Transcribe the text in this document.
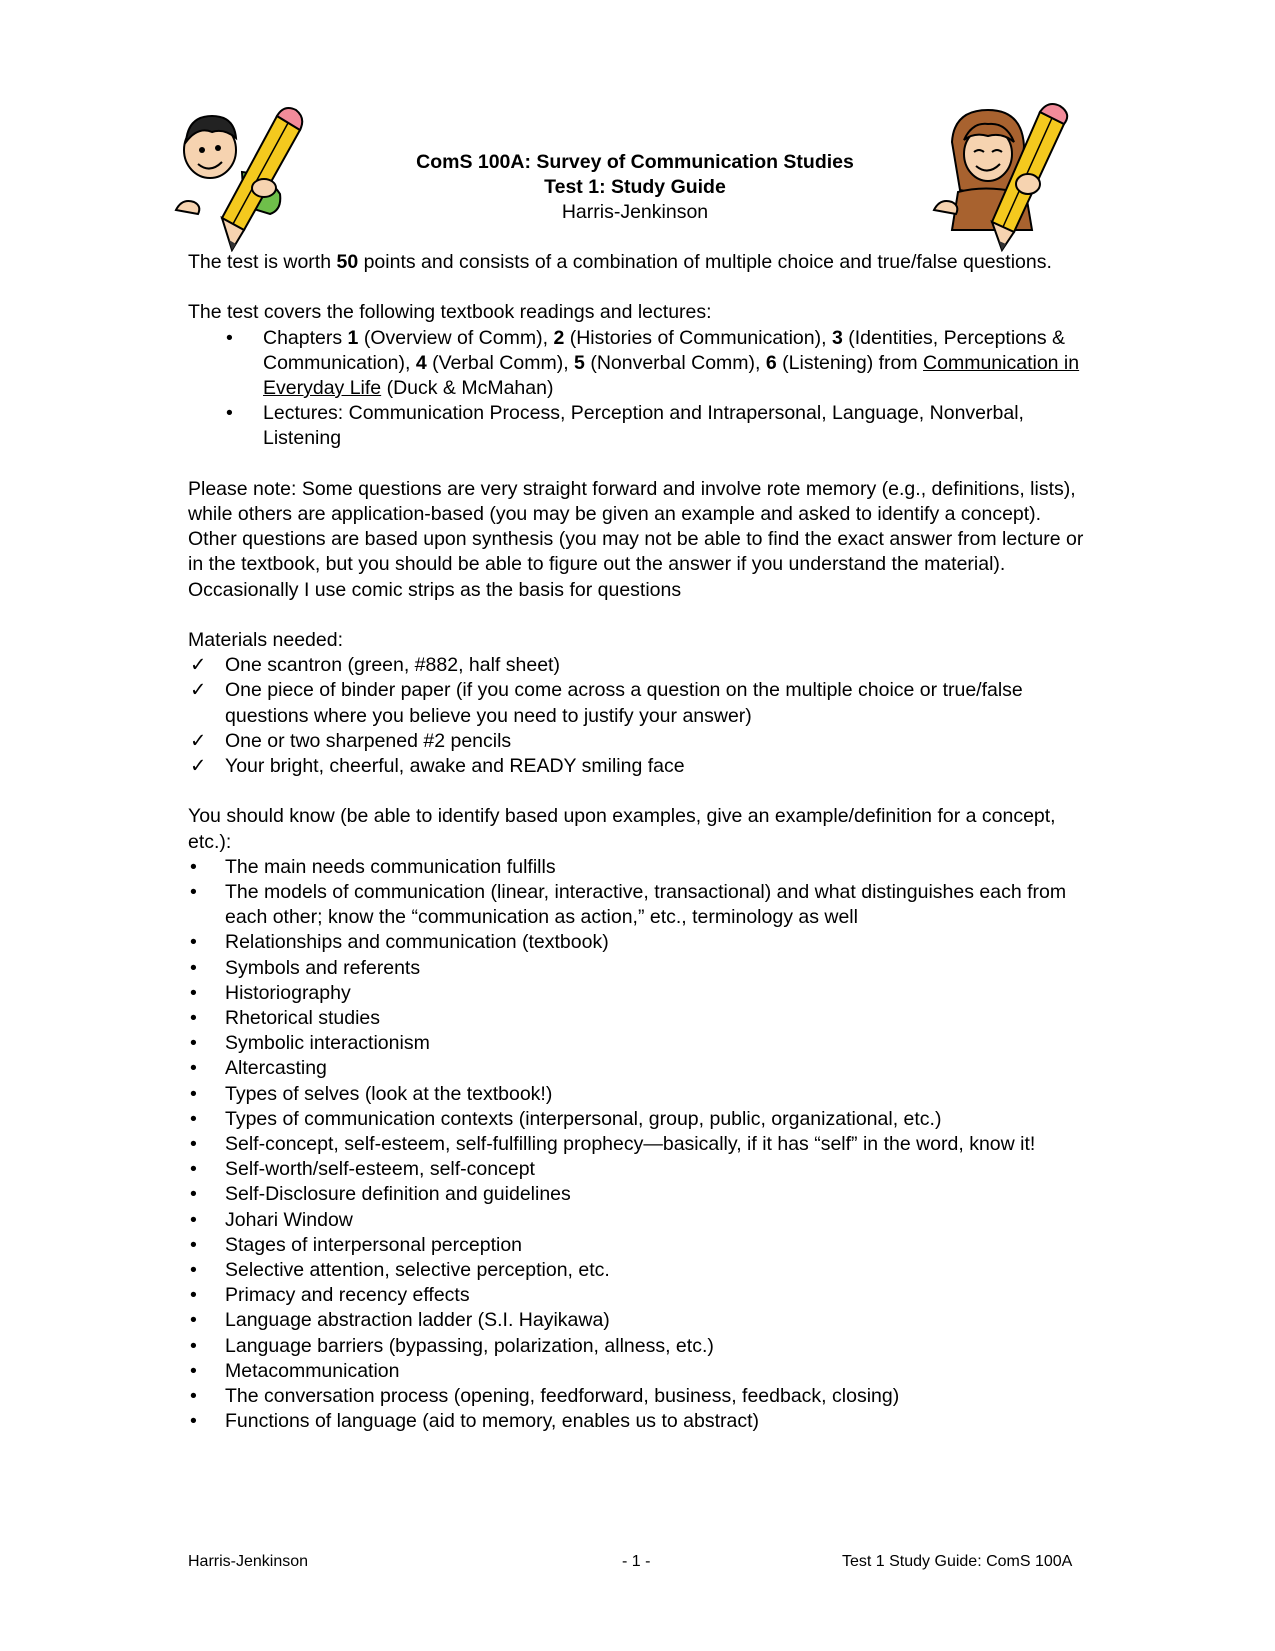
ComS 100A: Survey of Communication Studies
Test 1: Study Guide
Harris-Jenkinson

The test is worth 50 points and consists of a combination of multiple choice and true/false questions.

The test covers the following textbook readings and lectures:

• Chapters 1 (Overview of Comm), 2 (Histories of Communication), 3 (Identities, Perceptions & Communication), 4 (Verbal Comm), 5 (Nonverbal Comm), 6 (Listening) from Communication in Everyday Life (Duck & McMahan)
• Lectures: Communication Process, Perception and Intrapersonal, Language, Nonverbal, Listening

Please note: Some questions are very straight forward and involve rote memory (e.g., definitions, lists), while others are application-based (you may be given an example and asked to identify a concept). Other questions are based upon synthesis (you may not be able to find the exact answer from lecture or in the textbook, but you should be able to figure out the answer if you understand the material). Occasionally I use comic strips as the basis for questions

Materials needed:

✓ One scantron (green, #882, half sheet)
✓ One piece of binder paper (if you come across a question on the multiple choice or true/false questions where you believe you need to justify your answer)
✓ One or two sharpened #2 pencils
✓ Your bright, cheerful, awake and READY smiling face

You should know (be able to identify based upon examples, give an example/definition for a concept, etc.):

• The main needs communication fulfills
• The models of communication (linear, interactive, transactional) and what distinguishes each from each other; know the “communication as action,” etc., terminology as well
• Relationships and communication (textbook)
• Symbols and referents
• Historiography
• Rhetorical studies
• Symbolic interactionism
• Altercasting
• Types of selves (look at the textbook!)
• Types of communication contexts (interpersonal, group, public, organizational, etc.)
• Self-concept, self-esteem, self-fulfilling prophecy—basically, if it has “self” in the word, know it!
• Self-worth/self-esteem, self-concept
• Self-Disclosure definition and guidelines
• Johari Window
• Stages of interpersonal perception
• Selective attention, selective perception, etc.
• Primacy and recency effects
• Language abstraction ladder (S.I. Hayikawa)
• Language barriers (bypassing, polarization, allness, etc.)
• Metacommunication
• The conversation process (opening, feedforward, business, feedback, closing)
• Functions of language (aid to memory, enables us to abstract)
Harris-Jenkinson	- 1 -	Test 1 Study Guide: ComS 100A
